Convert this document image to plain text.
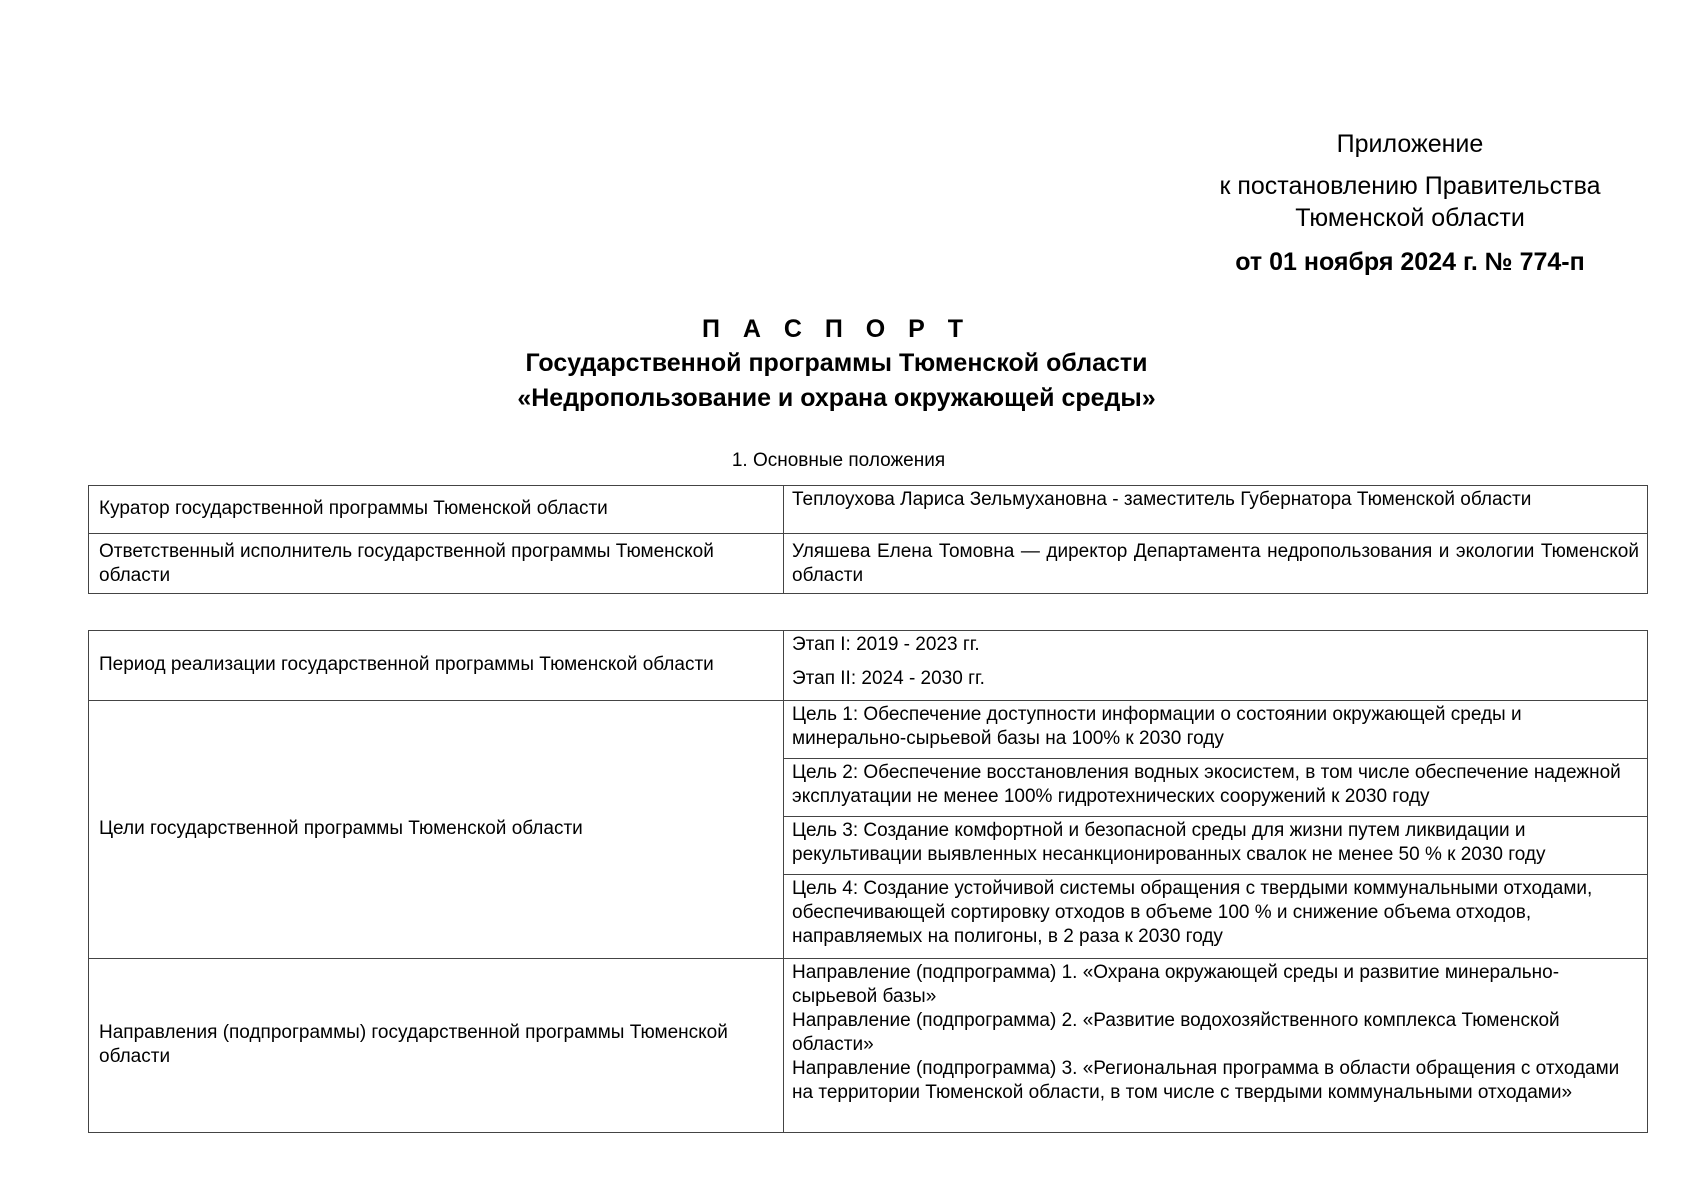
Приложение
к постановлению Правительства
Тюменской области
от 01 ноября 2024 г. № 774-п
П А С П О Р Т
Государственной программы Тюменской области
«Недропользование и охрана окружающей среды»
1. Основные положения
Куратор государственной программы Тюменской области	Теплоухова Лариса Зельмухановна - заместитель Губернатора Тюменской области
Ответственный исполнитель государственной программы Тюменской области	Уляшева Елена Томовна — директор Департамента недропользования и экологии Тюменской области
Период реализации государственной программы Тюменской области	Этап I: 2019 - 2023 гг.
Этап II: 2024 - 2030 гг.

Цели государственной программы Тюменской области	Цель 1: Обеспечение доступности информации о состоянии окружающей среды и минерально-сырьевой базы на 100% к 2030 году
	Цель 2: Обеспечение восстановления водных экосистем, в том числе обеспечение надежной эксплуатации не менее 100% гидротехнических сооружений к 2030 году
	Цель 3: Создание комфортной и безопасной среды для жизни путем ликвидации и рекультивации выявленных несанкционированных свалок не менее 50 % к 2030 году
	Цель 4: Создание устойчивой системы обращения с твердыми коммунальными отходами, обеспечивающей сортировку отходов в объеме 100 % и снижение объема отходов, направляемых на полигоны, в 2 раза к 2030 году
Направления (подпрограммы) государственной программы Тюменской области	Направление (подпрограмма) 1. «Охрана окружающей среды и развитие минерально-сырьевой базы»
Направление (подпрограмма) 2. «Развитие водохозяйственного комплекса Тюменской области»
Направление (подпрограмма) 3. «Региональная программа в области обращения с отходами на территории Тюменской области, в том числе с твердыми коммунальными отходами»
